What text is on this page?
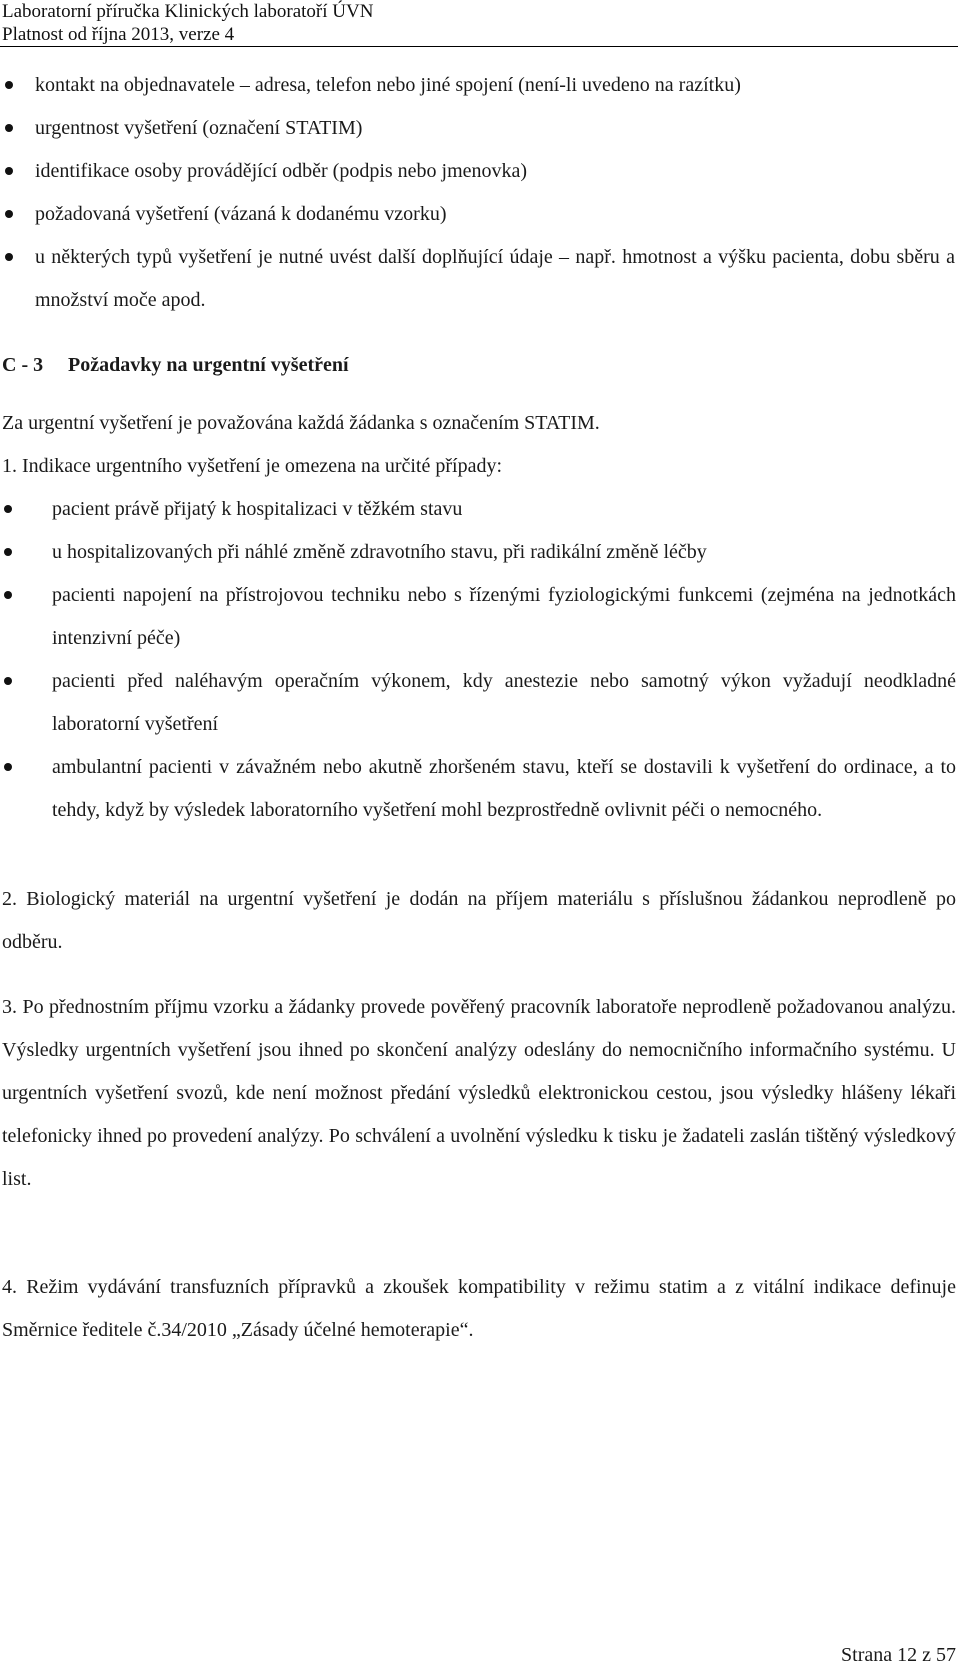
Laboratorní příručka Klinických laboratoří ÚVN
Platnost od října 2013, verze 4
kontakt na objednavatele – adresa, telefon nebo jiné spojení (není-li uvedeno na razítku)
urgentnost vyšetření (označení STATIM)
identifikace osoby provádějící odběr (podpis nebo jmenovka)
požadovaná vyšetření (vázaná k dodanému vzorku)
u některých typů vyšetření je nutné uvést další doplňující údaje – např. hmotnost a výšku pacienta, dobu sběru a množství moče apod.
C - 3 Požadavky na urgentní vyšetření
Za urgentní vyšetření je považována každá žádanka s označením STATIM.
1. Indikace urgentního vyšetření je omezena na určité případy:
pacient právě přijatý k hospitalizaci v těžkém stavu
u hospitalizovaných při náhlé změně zdravotního stavu, při radikální změně léčby
pacienti napojení na přístrojovou techniku nebo s řízenými fyziologickými funkcemi (zejména na jednotkách intenzivní péče)
pacienti před naléhavým operačním výkonem, kdy anestezie nebo samotný výkon vyžadují neodkladné laboratorní vyšetření
ambulantní pacienti v závažném nebo akutně zhoršeném stavu, kteří se dostavili k vyšetření do ordinace, a to tehdy, když by výsledek laboratorního vyšetření mohl bezprostředně ovlivnit péči o nemocného.
2. Biologický materiál na urgentní vyšetření je dodán na příjem materiálu s příslušnou žádankou neprodleně po odběru.
3. Po přednostním příjmu vzorku a žádanky provede pověřený pracovník laboratoře neprodleně požadovanou analýzu. Výsledky urgentních vyšetření jsou ihned po skončení analýzy odeslány do nemocničního informačního systému. U urgentních vyšetření svozů, kde není možnost předání výsledků elektronickou cestou, jsou výsledky hlášeny lékaři telefonicky ihned po provedení analýzy. Po schválení a uvolnění výsledku k tisku je žadateli zaslán tištěný výsledkový list.
4. Režim vydávání transfuzních přípravků a zkoušek kompatibility v režimu statim a z vitální indikace definuje Směrnice ředitele č.34/2010 „Zásady účelné hemoterapie“.
Strana 12 z 57
